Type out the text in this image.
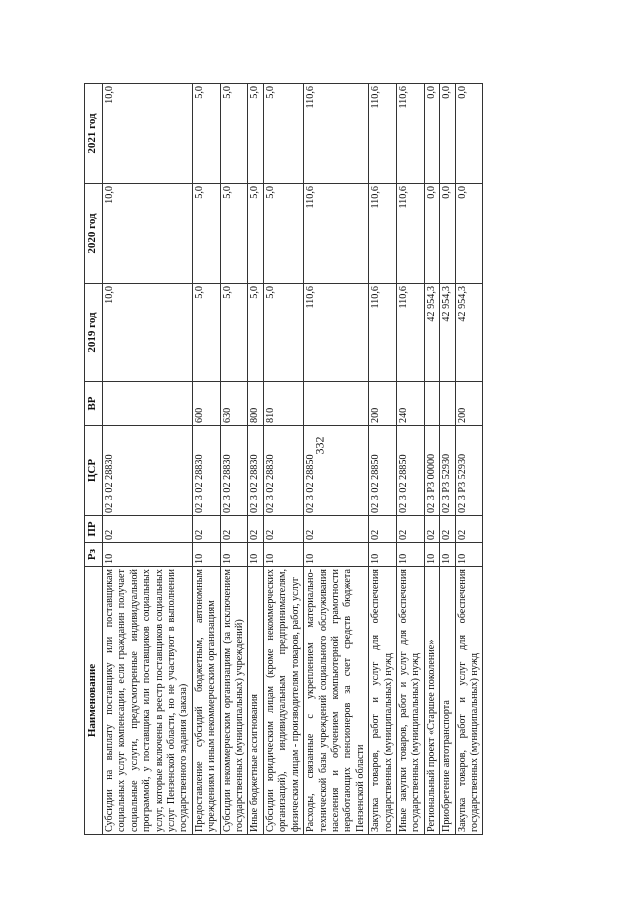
332
Наименование	Рз	ПР	ЦСР	ВР	2019 год	2020 год	2021 год
Субсидии на выплату поставщику или поставщикам социальных услуг компенсации, если гражданин получает социальные услуги, предусмотренные индивидуальной программой, у поставщика или поставщиков социальных услуг, которые включены в реестр поставщиков социальных услуг Пензенской области, но не участвуют в выполнении государственного задания (заказа)	10	02	02 3 02 28830		10,0	10,0	10,0
Предоставление субсидий бюджетным, автономным учреждениям и иным некоммерческим организациям	10	02	02 3 02 28830	600	5,0	5,0	5,0
Субсидии некоммерческим организациям (за исключением государственных (муниципальных) учреждений)	10	02	02 3 02 28830	630	5,0	5,0	5,0
Иные бюджетные ассигнования	10	02	02 3 02 28830	800	5,0	5,0	5,0
Субсидии юридическим лицам (кроме некоммерческих организаций), индивидуальным предпринимателям, физическим лицам - производителям товаров, работ, услуг	10	02	02 3 02 28830	810	5,0	5,0	5,0
Расходы, связанные с укреплением материально-технической базы учреждений социального обслуживания населения и обучением компьютерной грамотности неработающих пенсионеров за счет средств бюджета Пензенской области	10	02	02 3 02 28850		110,6	110,6	110,6
Закупка товаров, работ и услуг для обеспечения государственных (муниципальных) нужд	10	02	02 3 02 28850	200	110,6	110,6	110,6
Иные закупки товаров, работ и услуг для обеспечения государственных (муниципальных) нужд	10	02	02 3 02 28850	240	110,6	110,6	110,6
Региональный проект «Старшее поколение»	10	02	02 3 P3 00000		42 954,3	0,0	0,0
Приобретение автотранспорта	10	02	02 3 P3 52930		42 954,3	0,0	0,0
Закупка товаров, работ и услуг для обеспечения государственных (муниципальных) нужд	10	02	02 3 P3 52930	200	42 954,3	0,0	0,0
